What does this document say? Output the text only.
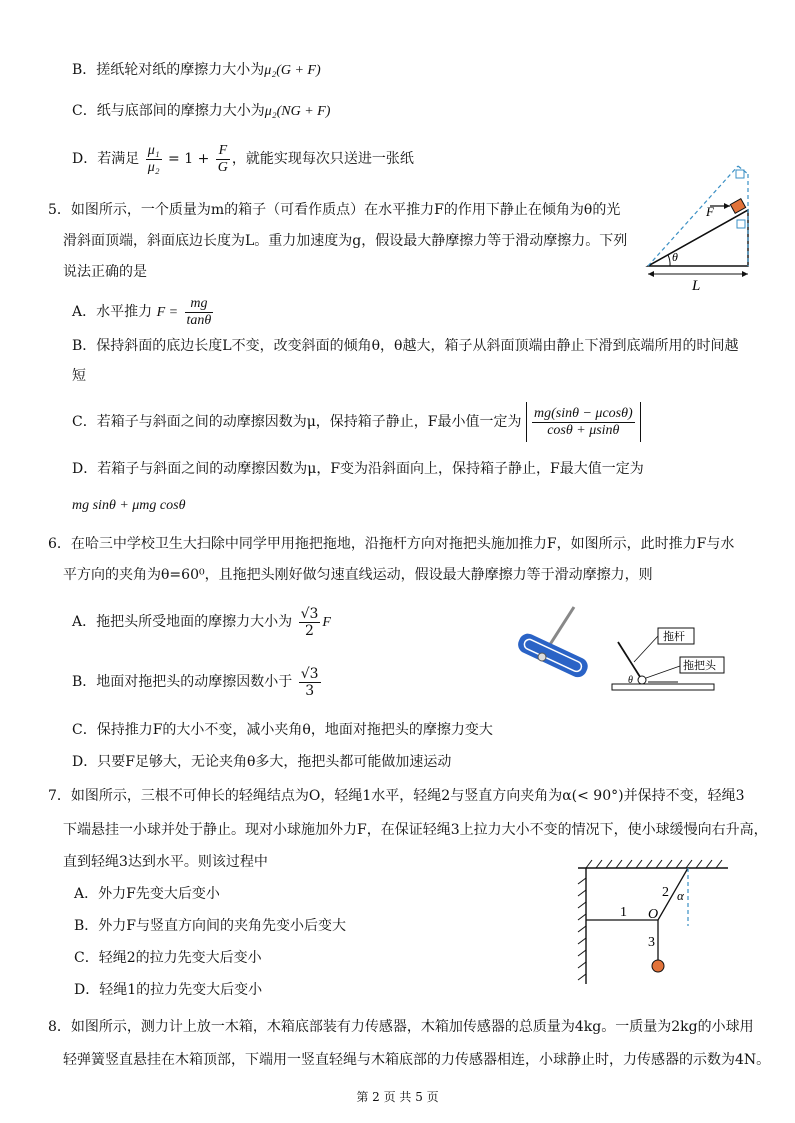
B．搓纸轮对纸的摩擦力大小为μ₂(G + F)
C．纸与底部间的摩擦力大小为μ₂(NG + F)
D．若满足 $\frac{\text{μ₁}}{\text{μ₂}} = 1 + \frac{F}{G}$ ，就能实现每次只送进一张纸
5．如图所示，一个质量为m的箱子（可看作质点）在水平推力F的作用下静止在倾角为θ的光
滑斜面顶端，斜面底边长度为L。重力加速度为g，假设最大静摩擦力等于滑动摩擦力。下列
说法正确的是
A．水平推力 $F = \frac{mg}{\tan\theta}$
B．保持斜面的底边长度L不变，改变斜面的倾角θ，θ越大，箱子从斜面顶端由静止下滑到底端所用的时间越
短
C．若箱子与斜面之间的动摩擦因数为μ，保持箱子静止，F最小值一定为 $\frac{mg(\sin\theta - \mu\cos\theta)}{\cos\theta + \mu\sin\theta}$
D．若箱子与斜面之间的动摩擦因数为μ，F变为沿斜面向上，保持箱子静止，F最大值一定为
mg sinθ + μmg cosθ
F
θ
L
6．在哈三中学校卫生大扫除中同学甲用拖把拖地，沿拖杆方向对拖把头施加推力F，如图所示，此时推力F与水
平方向的夹角为θ=60⁰，且拖把头刚好做匀速直线运动，假设最大静摩擦力等于滑动摩擦力，则
A．拖把头所受地面的摩擦力大小为 $\frac{√3}{2}$ F
B．地面对拖把头的动摩擦因数小于 $\frac{√3}{3}$
C．保持推力F的大小不变，减小夹角θ，地面对拖把头的摩擦力变大
D．只要F足够大，无论夹角θ多大，拖把头都可能做加速运动
θ
拖杆
拖把头
7．如图所示，三根不可伸长的轻绳结点为O，轻绳1水平，轻绳2与竖直方向夹角为α(< 90°)并保持不变，轻绳3
下端悬挂一小球并处于静止。现对小球施加外力F，在保证轻绳3上拉力大小不变的情况下，使小球缓慢向右升高，
直到轻绳3达到水平。则该过程中
A．外力F先变大后变小
B．外力F与竖直方向间的夹角先变小后变大
C．轻绳2的拉力先变大后变小
D．轻绳1的拉力先变大后变小
1
2
3
O
α
8．如图所示，测力计上放一木箱，木箱底部装有力传感器，木箱加传感器的总质量为4kg。一质量为2kg的小球用
轻弹簧竖直悬挂在木箱顶部，下端用一竖直轻绳与木箱底部的力传感器相连，小球静止时，力传感器的示数为4N。
第 2 页 共 5 页
